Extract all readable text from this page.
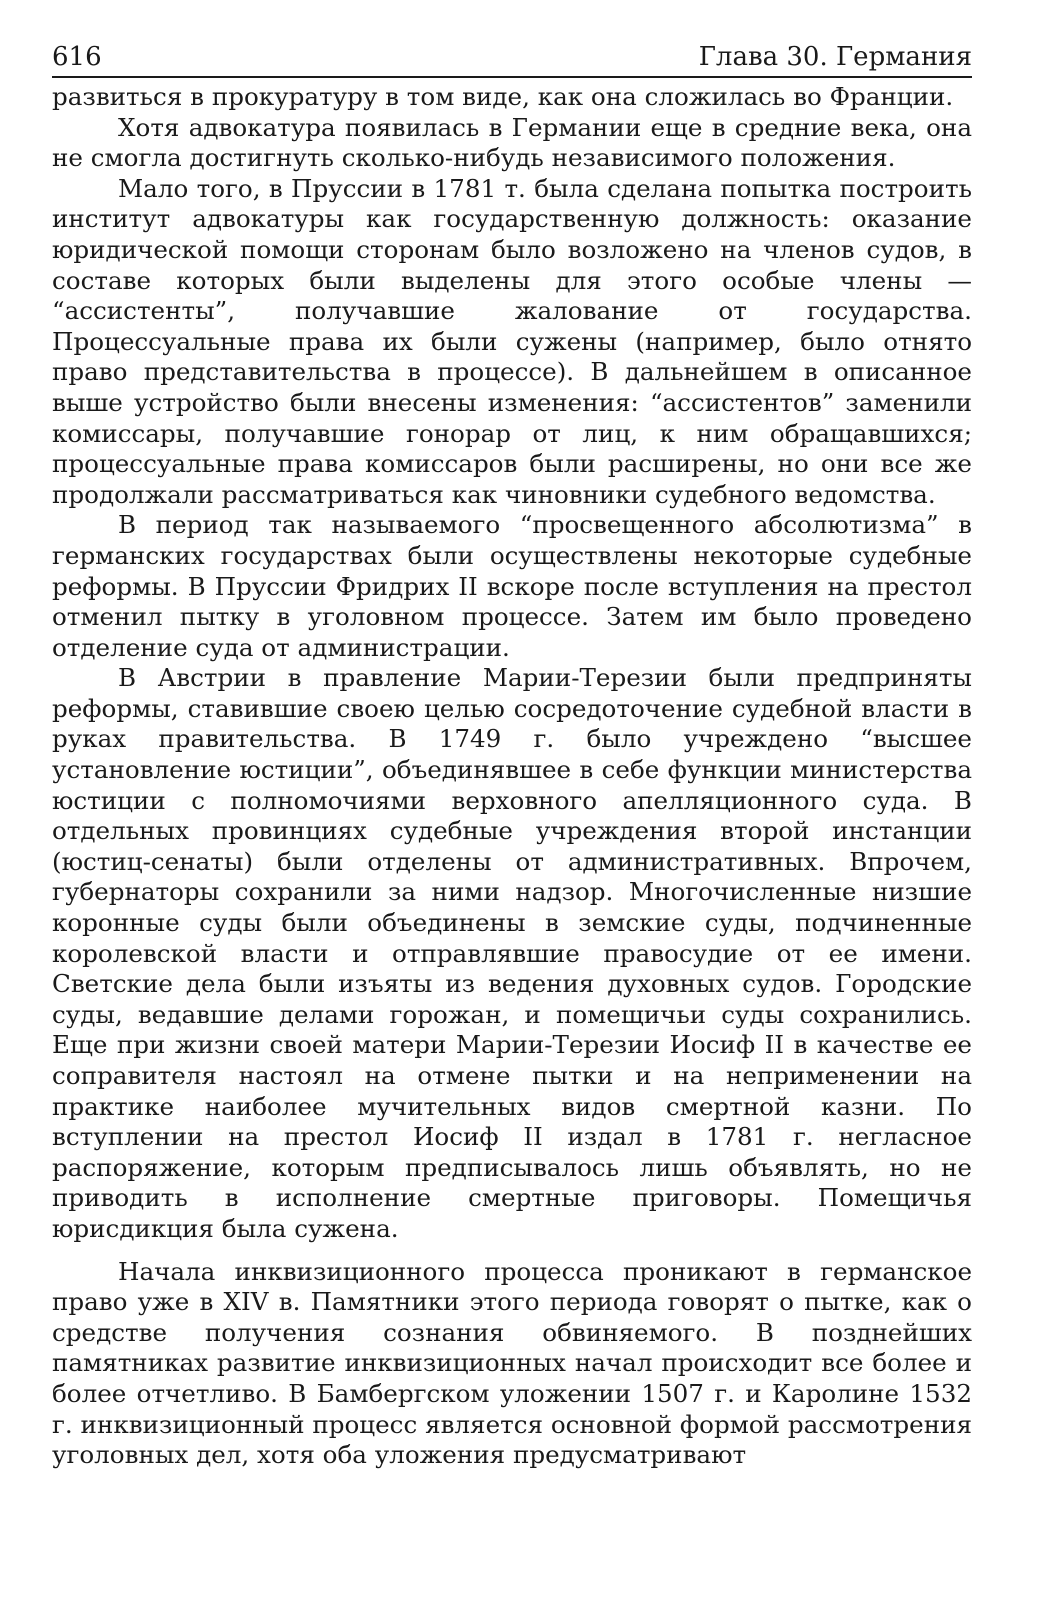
616	Глава 30. Германия

развиться в прокуратуру в том виде, как она сложилась во Франции.

Хотя адвокатура появилась в Германии еще в средние века, она не смогла достигнуть сколько-нибудь независимого положения.

Мало того, в Пруссии в 1781 т. была сделана попытка построить институт адвокатуры как государственную должность: оказание юридической помощи сторонам было возложено на членов судов, в составе которых были выделены для этого особые члены — “ассистенты”, получавшие жалование от государства. Процессуальные права их были сужены (например, было отнято право представительства в процессе). В дальнейшем в описанное выше устройство были внесены изменения: “ассистентов” заменили комиссары, получавшие гонорар от лиц, к ним обращавшихся; процессуальные права комиссаров были расширены, но они все же продолжали рассматриваться как чиновники судебного ведомства.

В период так называемого “просвещенного абсолютизма” в германских государствах были осуществлены некоторые судебные реформы. В Пруссии Фридрих II вскоре после вступления на престол отменил пытку в уголовном процессе. Затем им было проведено отделение суда от администрации.

В Австрии в правление Марии-Терезии были предприняты реформы, ставившие своею целью сосредоточение судебной власти в руках правительства. В 1749 г. было учреждено “высшее установление юстиции”, объединявшее в себе функции министерства юстиции с полномочиями верховного апелляционного суда. В отдельных провинциях судебные учреждения второй инстанции (юстиц-сенаты) были отделены от административных. Впрочем, губернаторы сохранили за ними надзор. Многочисленные низшие коронные суды были объединены в земские суды, подчиненные королевской власти и отправлявшие правосудие от ее имени. Светские дела были изъяты из ведения духовных судов. Городские суды, ведавшие делами горожан, и помещичьи суды сохранились. Еще при жизни своей матери Марии-Терезии Иосиф II в качестве ее соправителя настоял на отмене пытки и на неприменении на практике наиболее мучительных видов смертной казни. По вступлении на престол Иосиф II издал в 1781 г. негласное распоряжение, которым предписывалось лишь объявлять, но не приводить в исполнение смертные приговоры. Помещичья юрисдикция была сужена.

Начала инквизиционного процесса проникают в германское право уже в XIV в. Памятники этого периода говорят о пытке, как о средстве получения сознания обвиняемого. В позднейших памятниках развитие инквизиционных начал происходит все более и более отчетливо. В Бамбергском уложении 1507 г. и Каролине 1532 г. инквизиционный процесс является основной формой рассмотрения уголовных дел, хотя оба уложения предусматривают
